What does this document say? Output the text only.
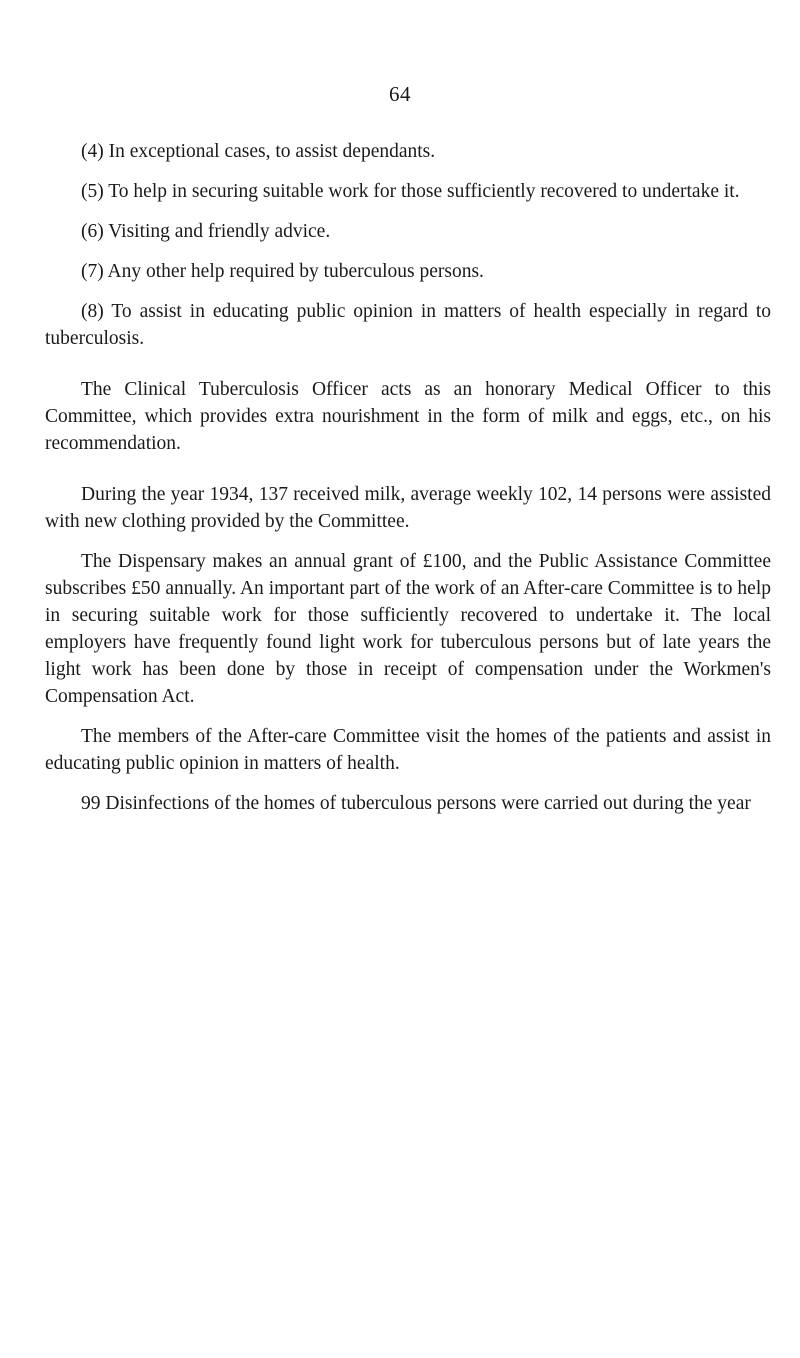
64

(4) In exceptional cases, to assist dependants.

(5) To help in securing suitable work for those sufficiently recovered to undertake it.

(6) Visiting and friendly advice.

(7) Any other help required by tuberculous persons.

(8) To assist in educating public opinion in matters of health especially in regard to tuberculosis.

The Clinical Tuberculosis Officer acts as an honorary Medical Officer to this Committee, which provides extra nourishment in the form of milk and eggs, etc., on his recommendation.

During the year 1934, 137 received milk, average weekly 102, 14 persons were assisted with new clothing provided by the Committee.

The Dispensary makes an annual grant of £100, and the Public Assistance Committee subscribes £50 annually. An important part of the work of an After-care Committee is to help in securing suitable work for those sufficiently recovered to undertake it. The local employers have frequently found light work for tuberculous persons but of late years the light work has been done by those in receipt of compensation under the Workmen's Compensation Act.

The members of the After-care Committee visit the homes of the patients and assist in educating public opinion in matters of health.

99 Disinfections of the homes of tuberculous persons were carried out during the year
